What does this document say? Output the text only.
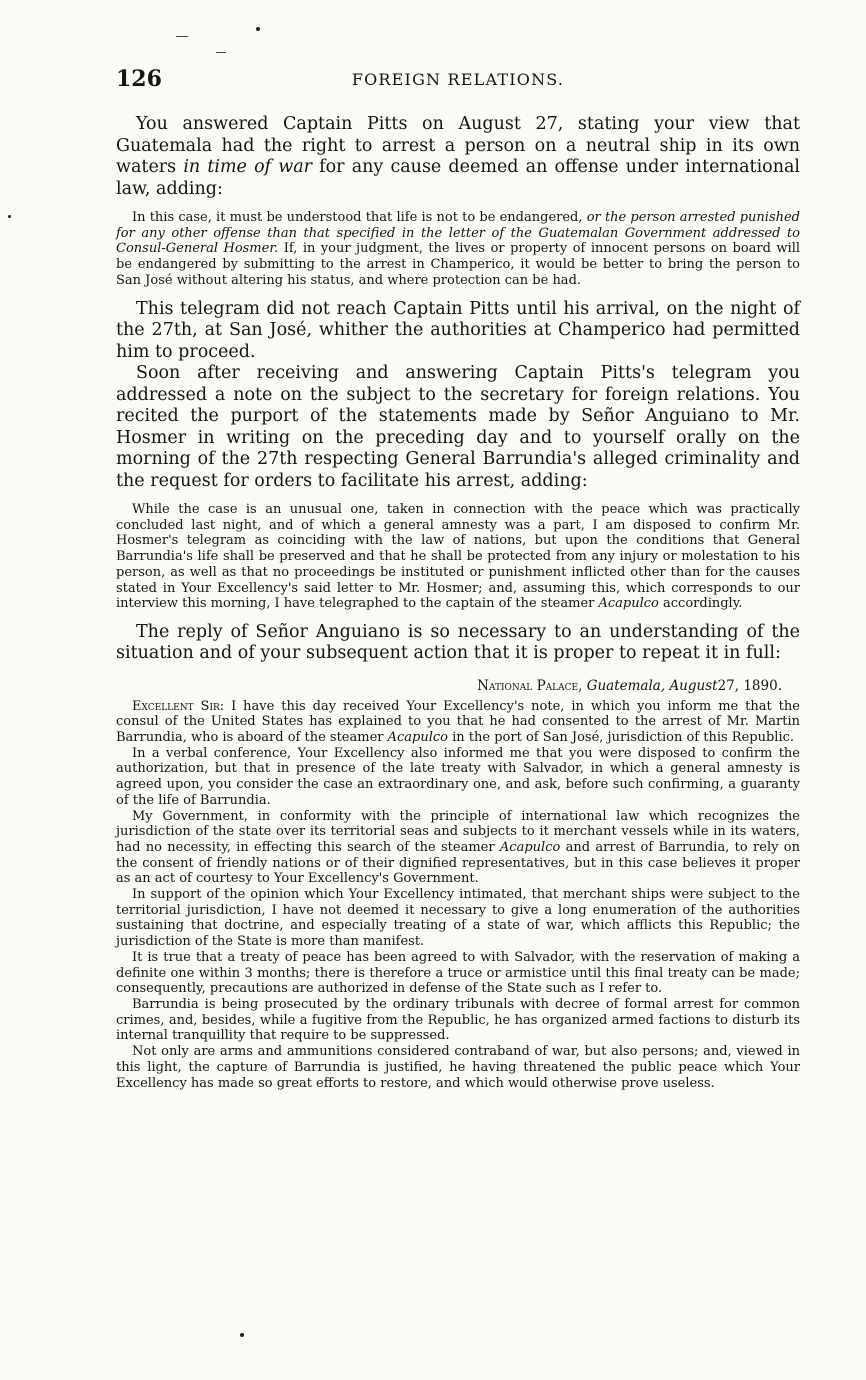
126	FOREIGN RELATIONS.

You answered Captain Pitts on August 27, stating your view that Guatemala had the right to arrest a person on a neutral ship in its own waters in time of war for any cause deemed an offense under international law, adding:

In this case, it must be understood that life is not to be endangered, or the person arrested punished for any other offense than that specified in the letter of the Guatemalan Government addressed to Consul-General Hosmer. If, in your judgment, the lives or property of innocent persons on board will be endangered by submitting to the arrest in Champerico, it would be better to bring the person to San José without altering his status, and where protection can be had.

This telegram did not reach Captain Pitts until his arrival, on the night of the 27th, at San José, whither the authorities at Champerico had permitted him to proceed.

Soon after receiving and answering Captain Pitts's telegram you addressed a note on the subject to the secretary for foreign relations. You recited the purport of the statements made by Señor Anguiano to Mr. Hosmer in writing on the preceding day and to yourself orally on the morning of the 27th respecting General Barrundia's alleged criminality and the request for orders to facilitate his arrest, adding:

While the case is an unusual one, taken in connection with the peace which was practically concluded last night, and of which a general amnesty was a part, I am disposed to confirm Mr. Hosmer's telegram as coinciding with the law of nations, but upon the conditions that General Barrundia's life shall be preserved and that he shall be protected from any injury or molestation to his person, as well as that no proceedings be instituted or punishment inflicted other than for the causes stated in Your Excellency's said letter to Mr. Hosmer; and, assuming this, which corresponds to our interview this morning, I have telegraphed to the captain of the steamer Acapulco accordingly.

The reply of Señor Anguiano is so necessary to an understanding of the situation and of your subsequent action that it is proper to repeat it in full:

National Palace, Guatemala, August27, 1890.

Excellent Sir: I have this day received Your Excellency's note, in which you inform me that the consul of the United States has explained to you that he had consented to the arrest of Mr. Martin Barrundia, who is aboard of the steamer Acapulco in the port of San José, jurisdiction of this Republic.

In a verbal conference, Your Excellency also informed me that you were disposed to confirm the authorization, but that in presence of the late treaty with Salvador, in which a general amnesty is agreed upon, you consider the case an extraordinary one, and ask, before such confirming, a guaranty of the life of Barrundia.

My Government, in conformity with the principle of international law which recognizes the jurisdiction of the state over its territorial seas and subjects to it merchant vessels while in its waters, had no necessity, in effecting this search of the steamer Acapulco and arrest of Barrundia, to rely on the consent of friendly nations or of their dignified representatives, but in this case believes it proper as an act of courtesy to Your Excellency's Government.

In support of the opinion which Your Excellency intimated, that merchant ships were subject to the territorial jurisdiction, I have not deemed it necessary to give a long enumeration of the authorities sustaining that doctrine, and especially treating of a state of war, which afflicts this Republic; the jurisdiction of the State is more than manifest.

It is true that a treaty of peace has been agreed to with Salvador, with the reservation of making a definite one within 3 months; there is therefore a truce or armistice until this final treaty can be made; consequently, precautions are authorized in defense of the State such as I refer to.

Barrundia is being prosecuted by the ordinary tribunals with decree of formal arrest for common crimes, and, besides, while a fugitive from the Republic, he has organized armed factions to disturb its internal tranquillity that require to be suppressed.

Not only are arms and ammunitions considered contraband of war, but also persons; and, viewed in this light, the capture of Barrundia is justified, he having threatened the public peace which Your Excellency has made so great efforts to restore, and which would otherwise prove useless.
